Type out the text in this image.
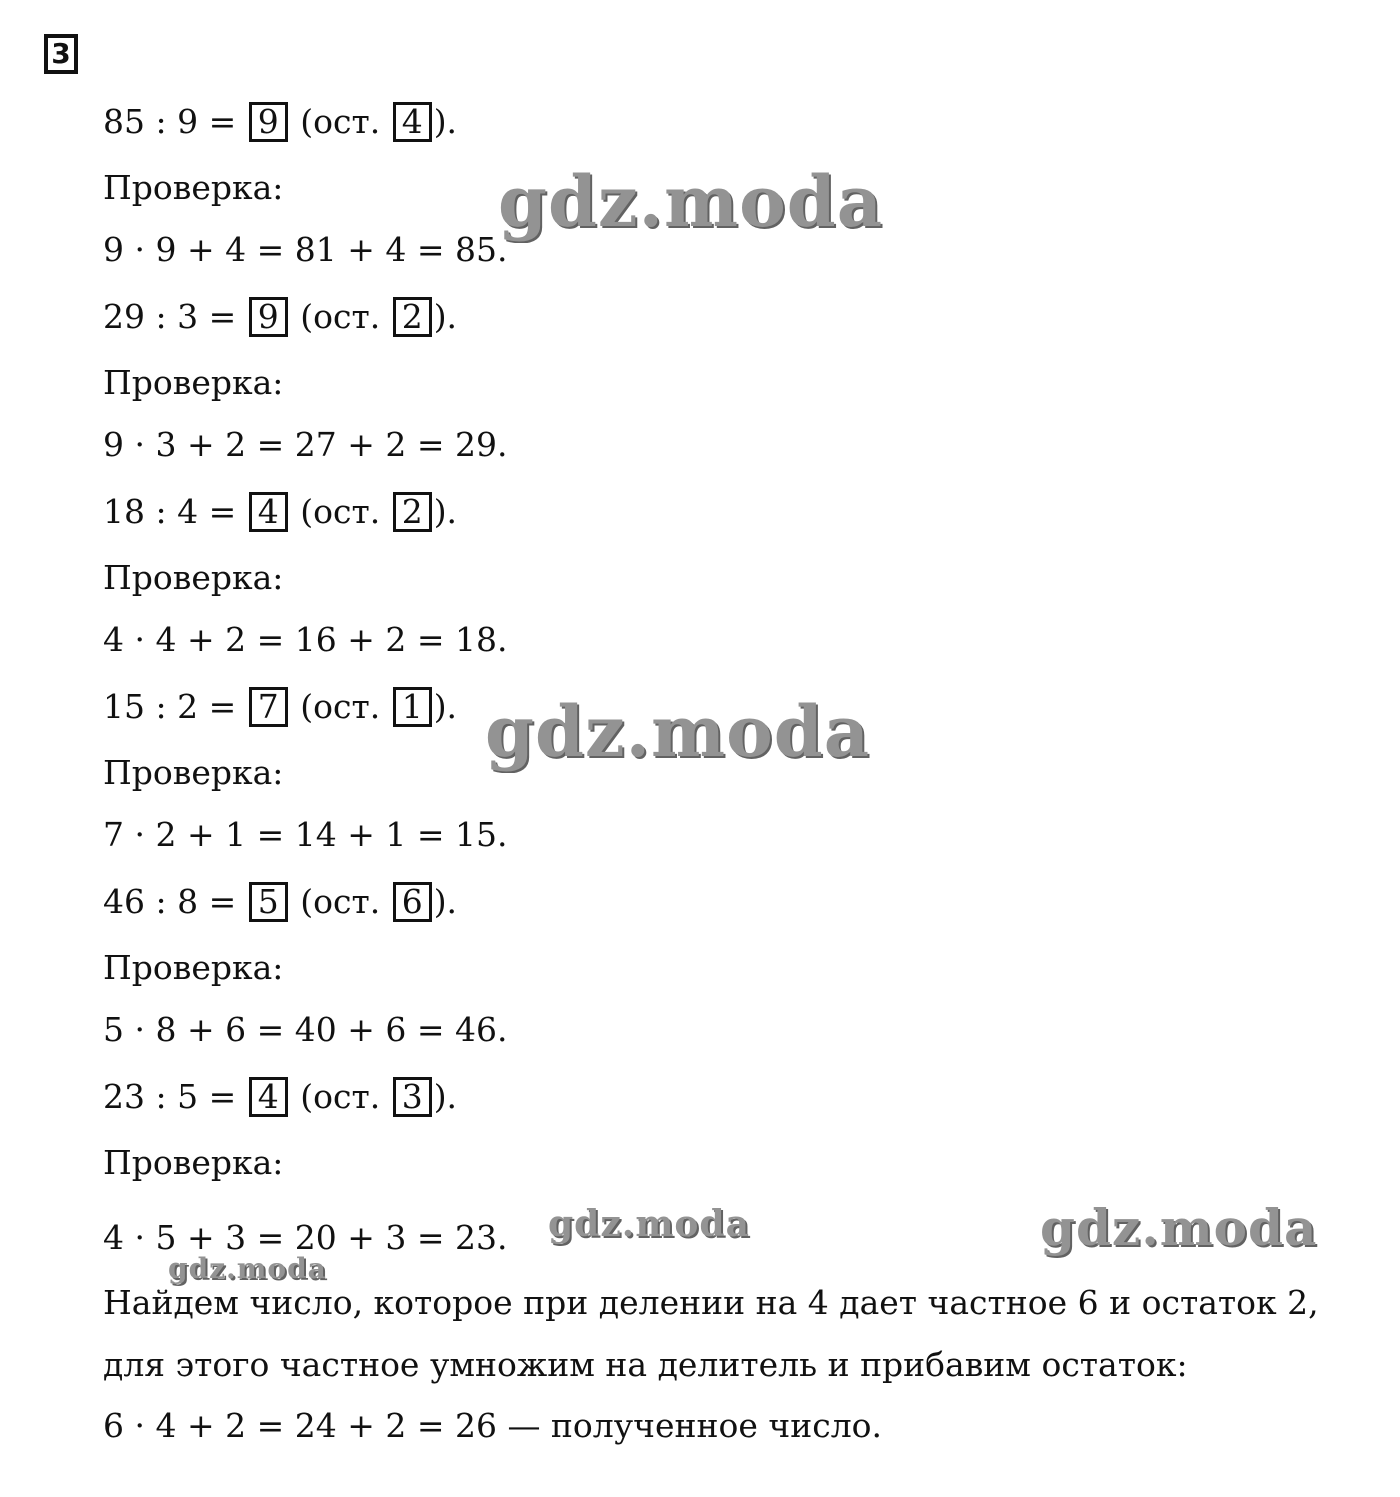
3
85 : 9 = 9 (ост. 4 ).
Проверка:
9 · 9 + 4 = 81 + 4 = 85.
29 : 3 = 9 (ост. 2 ).
Проверка:
9 · 3 + 2 = 27 + 2 = 29.
18 : 4 = 4 (ост. 2 ).
Проверка:
4 · 4 + 2 = 16 + 2 = 18.
15 : 2 = 7 (ост. 1 ).
Проверка:
7 · 2 + 1 = 14 + 1 = 15.
46 : 8 = 5 (ост. 6 ).
Проверка:
5 · 8 + 6 = 40 + 6 = 46.
23 : 5 = 4 (ост. 3 ).
Проверка:
4 · 5 + 3 = 20 + 3 = 23.
Найдем число, которое при делении на 4 дает частное 6 и остаток 2,
для этого частное умножим на делитель и прибавим остаток:
6 · 4 + 2 = 24 + 2 = 26 — полученное число.
gdz.moda
gdz.moda
gdz.moda	gdz.moda
gdz.moda
